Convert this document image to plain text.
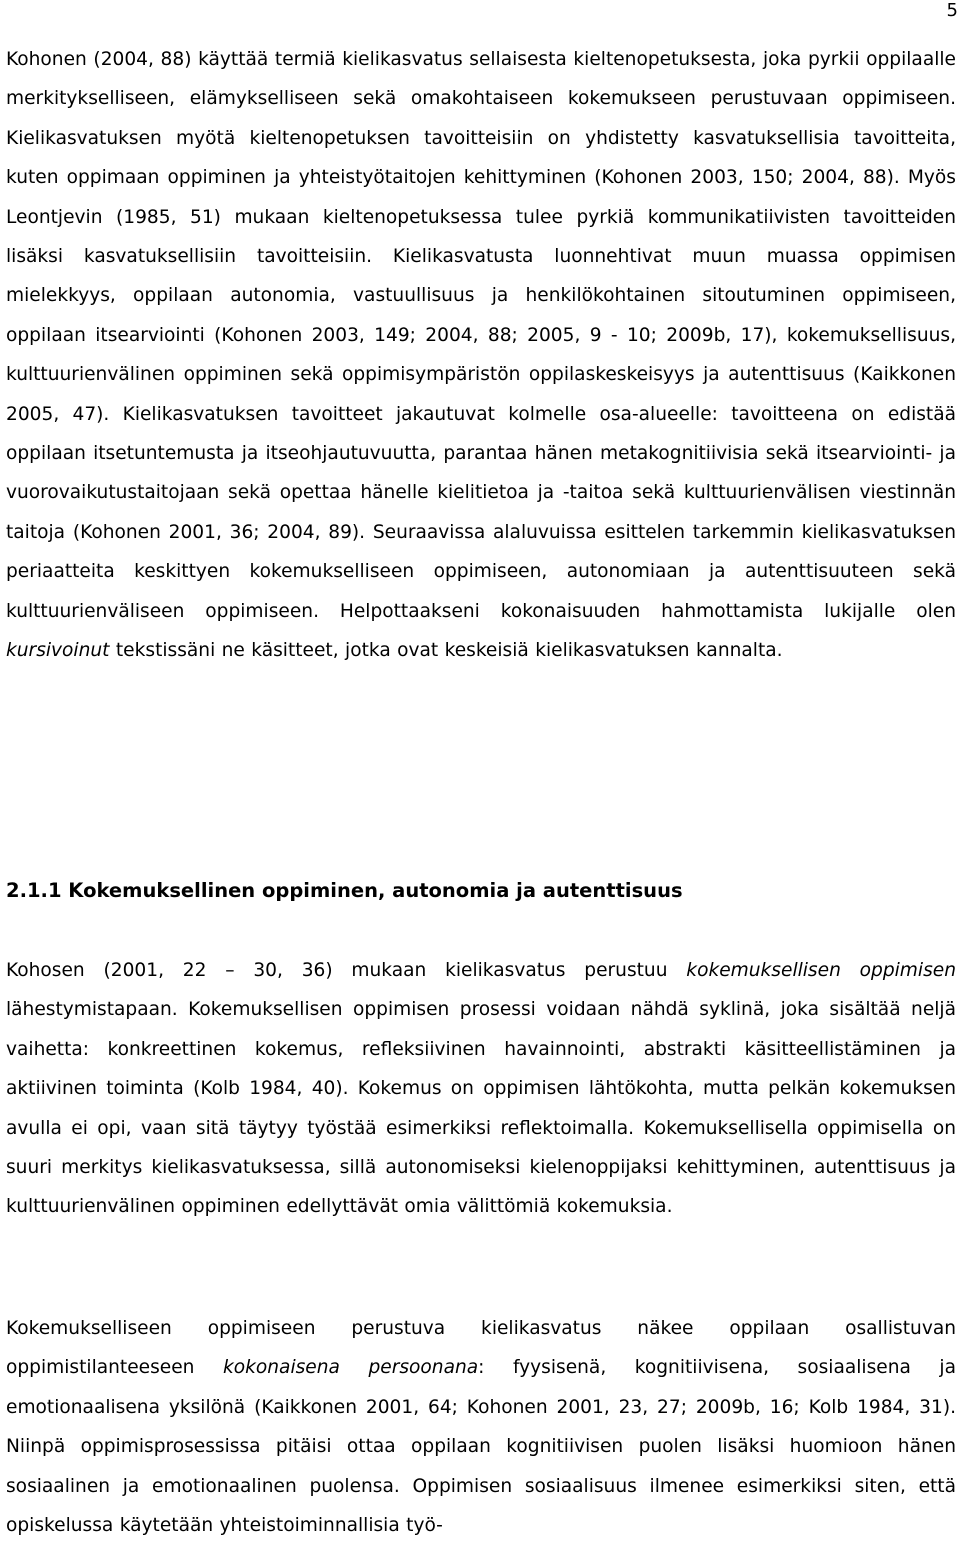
5

Kohonen (2004, 88) käyttää termiä kielikasvatus sellaisesta kieltenopetuksesta, joka pyrkii oppilaalle merkitykselliseen, elämykselliseen sekä omakohtaiseen kokemukseen perustuvaan oppimiseen. Kielikasvatuksen myötä kieltenopetuksen tavoitteisiin on yhdistetty kasvatuksellisia tavoitteita, kuten oppimaan oppiminen ja yhteistyötaitojen kehittyminen (Kohonen 2003, 150; 2004, 88). Myös Leontjevin (1985, 51) mukaan kieltenopetuksessa tulee pyrkiä kommunikatiivisten tavoitteiden lisäksi kasvatuksellisiin tavoitteisiin. Kielikasvatusta luonnehtivat muun muassa oppimisen mielekkyys, oppilaan autonomia, vastuullisuus ja henkilökohtainen sitoutuminen oppimiseen, oppilaan itsearviointi (Kohonen 2003, 149; 2004, 88; 2005, 9 - 10; 2009b, 17), kokemuksellisuus, kulttuurienvälinen oppiminen sekä oppimisympäristön oppilaskeskeisyys ja autenttisuus (Kaikkonen 2005, 47). Kielikasvatuksen tavoitteet jakautuvat kolmelle osa-alueelle: tavoitteena on edistää oppilaan itsetuntemusta ja itseohjautuvuutta, parantaa hänen metakognitiivisia sekä itsearviointi- ja vuorovaikutustaitojaan sekä opettaa hänelle kielitietoa ja -taitoa sekä kulttuurienvälisen viestinnän taitoja (Kohonen 2001, 36; 2004, 89). Seuraavissa alaluvuissa esittelen tarkemmin kielikasvatuksen periaatteita keskittyen kokemukselliseen oppimiseen, autonomiaan ja autenttisuuteen sekä kulttuurienväliseen oppimiseen. Helpottaakseni kokonaisuuden hahmottamista lukijalle olen kursivoinut tekstissäni ne käsitteet, jotka ovat keskeisiä kielikasvatuksen kannalta.

2.1.1 Kokemuksellinen oppiminen, autonomia ja autenttisuus

Kohosen (2001, 22 – 30, 36) mukaan kielikasvatus perustuu kokemuksellisen oppimisen lähestymistapaan. Kokemuksellisen oppimisen prosessi voidaan nähdä syklinä, joka sisältää neljä vaihetta: konkreettinen kokemus, refleksiivinen havainnointi, abstrakti käsitteellistäminen ja aktiivinen toiminta (Kolb 1984, 40). Kokemus on oppimisen lähtökohta, mutta pelkän kokemuksen avulla ei opi, vaan sitä täytyy työstää esimerkiksi reflektoimalla. Kokemuksellisella oppimisella on suuri merkitys kielikasvatuksessa, sillä autonomiseksi kielenoppijaksi kehittyminen, autenttisuus ja kulttuurienvälinen oppiminen edellyttävät omia välittömiä kokemuksia.

Kokemukselliseen oppimiseen perustuva kielikasvatus näkee oppilaan osallistuvan oppimistilanteeseen kokonaisena persoonana: fyysisenä, kognitiivisena, sosiaalisena ja emotionaalisena yksilönä (Kaikkonen 2001, 64; Kohonen 2001, 23, 27; 2009b, 16; Kolb 1984, 31). Niinpä oppimisprosessissa pitäisi ottaa oppilaan kognitiivisen puolen lisäksi huomioon hänen sosiaalinen ja emotionaalinen puolensa. Oppimisen sosiaalisuus ilmenee esimerkiksi siten, että opiskelussa käytetään yhteistoiminnallisia työ-
